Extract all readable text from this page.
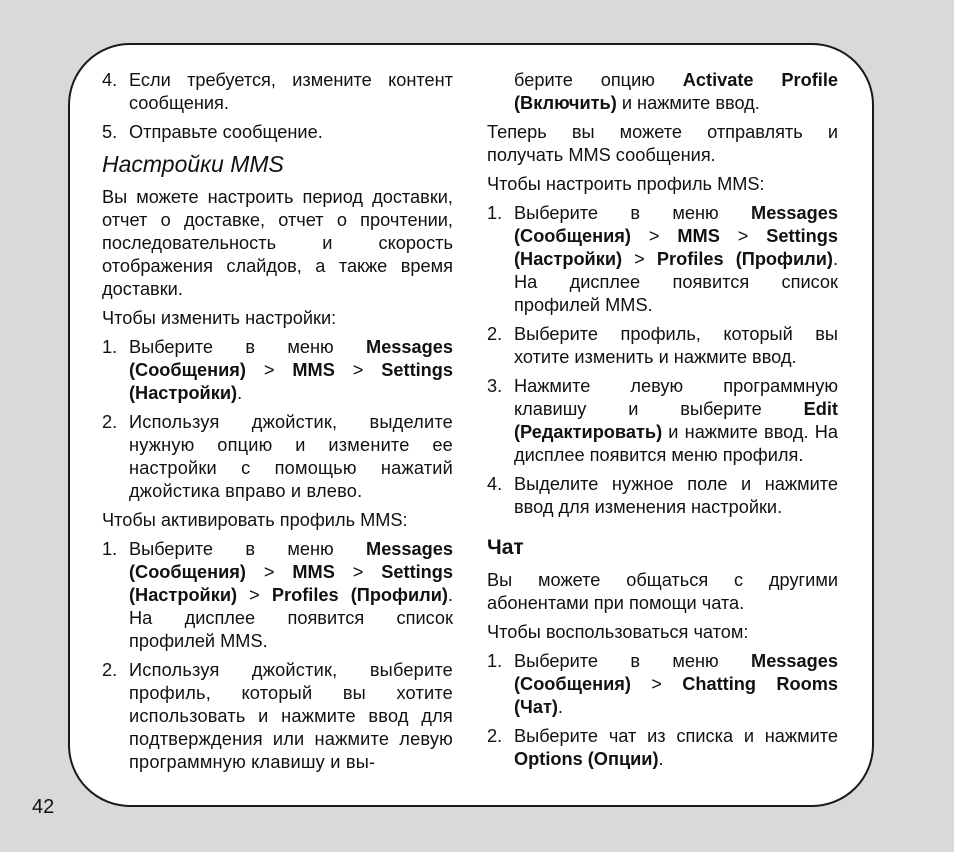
4. Если требуется, измените контент сообщения.
5. Отправьте сообщение.
Настройки MMS

Вы можете настроить период доставки, отчет о доставке, отчет о прочтении, последовательность и скорость отображения слайдов, а также время доставки.

Чтобы изменить настройки:

1. Выберите в меню Messages (Сообщения) > MMS > Settings (Настройки).
2. Используя джойстик, выделите нужную опцию и измените ее настройки с помощью нажатий джойстика вправо и влево.

Чтобы активировать профиль MMS:

1. Выберите в меню Messages (Сообщения) > MMS > Settings (Настройки) > Profiles (Профили). На дисплее появится список профилей MMS.
2. Используя джойстик, выберите профиль, который вы хотите использовать и нажмите ввод для подтверждения или нажмите левую программную клавишу и вы-
берите опцию Activate Profile (Включить) и нажмите ввод.

Теперь вы можете отправлять и получать MMS сообщения.

Чтобы настроить профиль MMS:

1. Выберите в меню Messages (Сообщения) > MMS > Settings (Настройки) > Profiles (Профили). На дисплее появится список профилей MMS.
2. Выберите профиль, который вы хотите изменить и нажмите ввод.
3. Нажмите левую программную клавишу и выберите Edit (Редактировать) и нажмите ввод. На дисплее появится меню профиля.
4. Выделите нужное поле и нажмите ввод для изменения настройки.
Чат

Вы можете общаться с другими абонентами при помощи чата.

Чтобы воспользоваться чатом:

1. Выберите в меню Messages (Сообщения) > Chatting Rooms (Чат).
2. Выберите чат из списка и нажмите Options (Опции).
42
